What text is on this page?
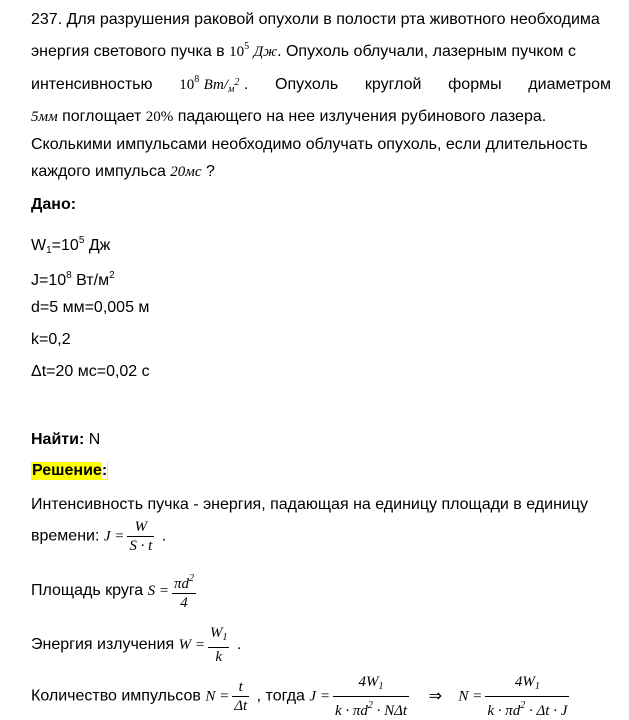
237. Для разрушения раковой опухоли в полости рта животного необходима
энергия светового пучка в $10^5$ Дж. Опухоль облучали, лазерным пучком с
интенсивностью $10^8$ $Вт/_{м^2}$ . Опухоль круглой формы диаметром
5мм поглощает 20% падающего на нее излучения рубинового лазера.
Сколькими импульсами необходимо облучать опухоль, если длительность
каждого импульса 20мс ?
Дано:
$W_1=10^5$ Дж
$J=10^8$ $Вт/м^2$
d=5 мм=0,005 м
k=0,2
Δt=20 мс=0,02 с
Найти: N
Решение:
Интенсивность пучка - энергия, падающая на единицу площади в единицу
времени: $J = \frac{W}{S \cdot t}$ .
Площадь круга $S = \frac{\pi d^2}{4}$
Энергия излучения $W = \frac{W_1}{k}$ .
Количество импульсов $N = \frac{t}{\Delta t}$ , тогда $J = \frac{4W_1}{k \cdot \pi d^2 \cdot N\Delta t}$ ⇒ $N = \frac{4W_1}{k \cdot \pi d^2 \cdot \Delta t \cdot J}$
